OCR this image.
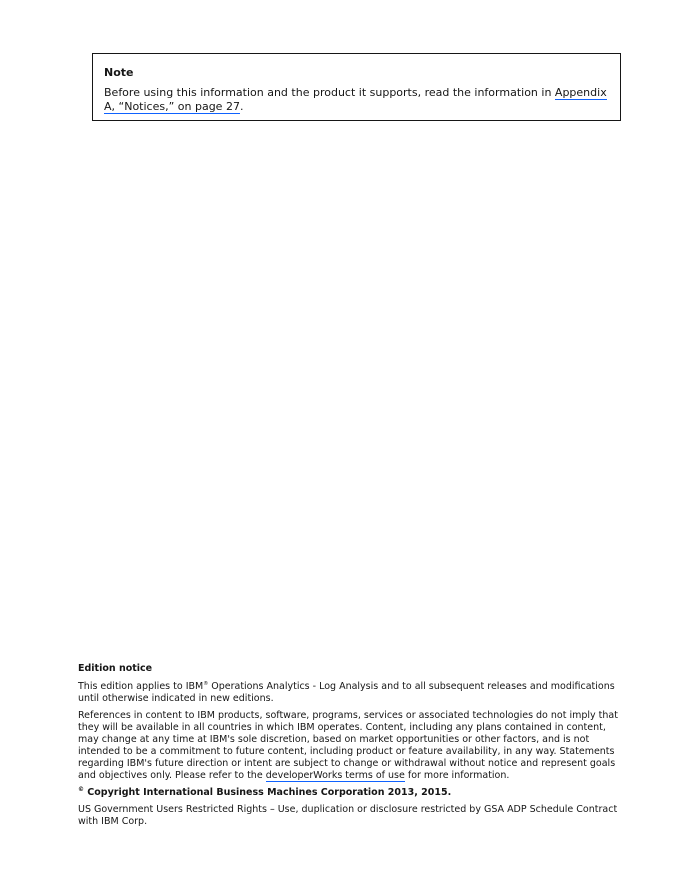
Note

Before using this information and the product it supports, read the information in Appendix A, “Notices,” on page 27.

Edition notice

This edition applies to IBM® Operations Analytics - Log Analysis and to all subsequent releases and modifications until otherwise indicated in new editions.

References in content to IBM products, software, programs, services or associated technologies do not imply that they will be available in all countries in which IBM operates. Content, including any plans contained in content, may change at any time at IBM's sole discretion, based on market opportunities or other factors, and is not intended to be a commitment to future content, including product or feature availability, in any way. Statements regarding IBM's future direction or intent are subject to change or withdrawal without notice and represent goals and objectives only. Please refer to the developerWorks terms of use for more information.

© Copyright International Business Machines Corporation 2013, 2015.

US Government Users Restricted Rights – Use, duplication or disclosure restricted by GSA ADP Schedule Contract with IBM Corp.
